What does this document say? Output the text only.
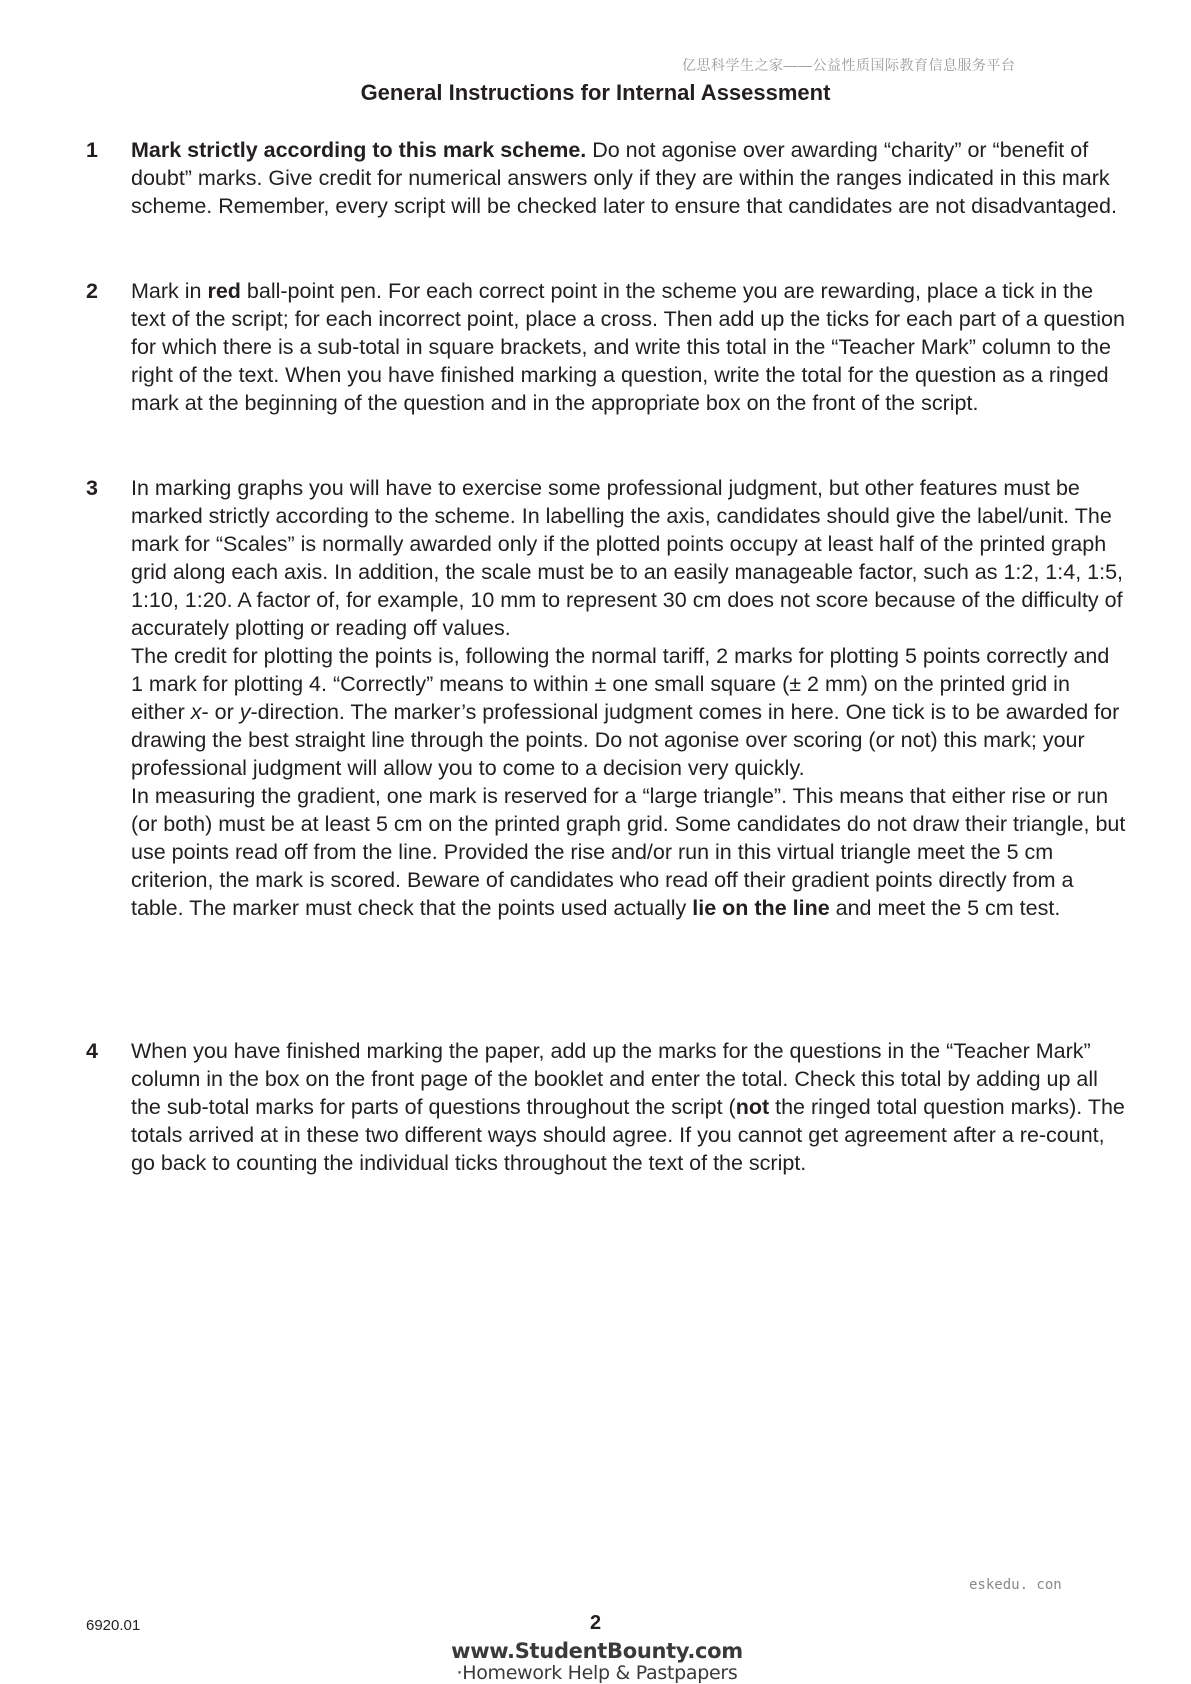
亿思科学生之家——公益性质国际教育信息服务平台
General Instructions for Internal Assessment
1 Mark strictly according to this mark scheme. Do not agonise over awarding “charity” or “benefit of doubt” marks. Give credit for numerical answers only if they are within the ranges indicated in this mark scheme. Remember, every script will be checked later to ensure that candidates are not disadvantaged.

2 Mark in red ball-point pen. For each correct point in the scheme you are rewarding, place a tick in the text of the script; for each incorrect point, place a cross. Then add up the ticks for each part of a question for which there is a sub-total in square brackets, and write this total in the “Teacher Mark” column to the right of the text. When you have finished marking a question, write the total for the question as a ringed mark at the beginning of the question and in the appropriate box on the front of the script.

3 In marking graphs you will have to exercise some professional judgment, but other features must be marked strictly according to the scheme. In labelling the axis, candidates should give the label/unit. The mark for “Scales” is normally awarded only if the plotted points occupy at least half of the printed graph grid along each axis. In addition, the scale must be to an easily manageable factor, such as 1:2, 1:4, 1:5, 1:10, 1:20. A factor of, for example, 10 mm to represent 30 cm does not score because of the difficulty of accurately plotting or reading off values.

The credit for plotting the points is, following the normal tariff, 2 marks for plotting 5 points correctly and 1 mark for plotting 4. “Correctly” means to within ± one small square (± 2 mm) on the printed grid in either x- or y-direction. The marker’s professional judgment comes in here. One tick is to be awarded for drawing the best straight line through the points. Do not agonise over scoring (or not) this mark; your professional judgment will allow you to come to a decision very quickly.

In measuring the gradient, one mark is reserved for a “large triangle”. This means that either rise or run (or both) must be at least 5 cm on the printed graph grid. Some candidates do not draw their triangle, but use points read off from the line. Provided the rise and/or run in this virtual triangle meet the 5 cm criterion, the mark is scored. Beware of candidates who read off their gradient points directly from a table. The marker must check that the points used actually lie on the line and meet the 5 cm test.

4 When you have finished marking the paper, add up the marks for the questions in the “Teacher Mark” column in the box on the front page of the booklet and enter the total. Check this total by adding up all the sub-total marks for parts of questions throughout the script (not the ringed total question marks). The totals arrived at in these two different ways should agree. If you cannot get agreement after a re-count, go back to counting the individual ticks throughout the text of the script.

eskedu. con
6920.01	2
www.StudentBounty.com
·Homework Help & Pastpapers
